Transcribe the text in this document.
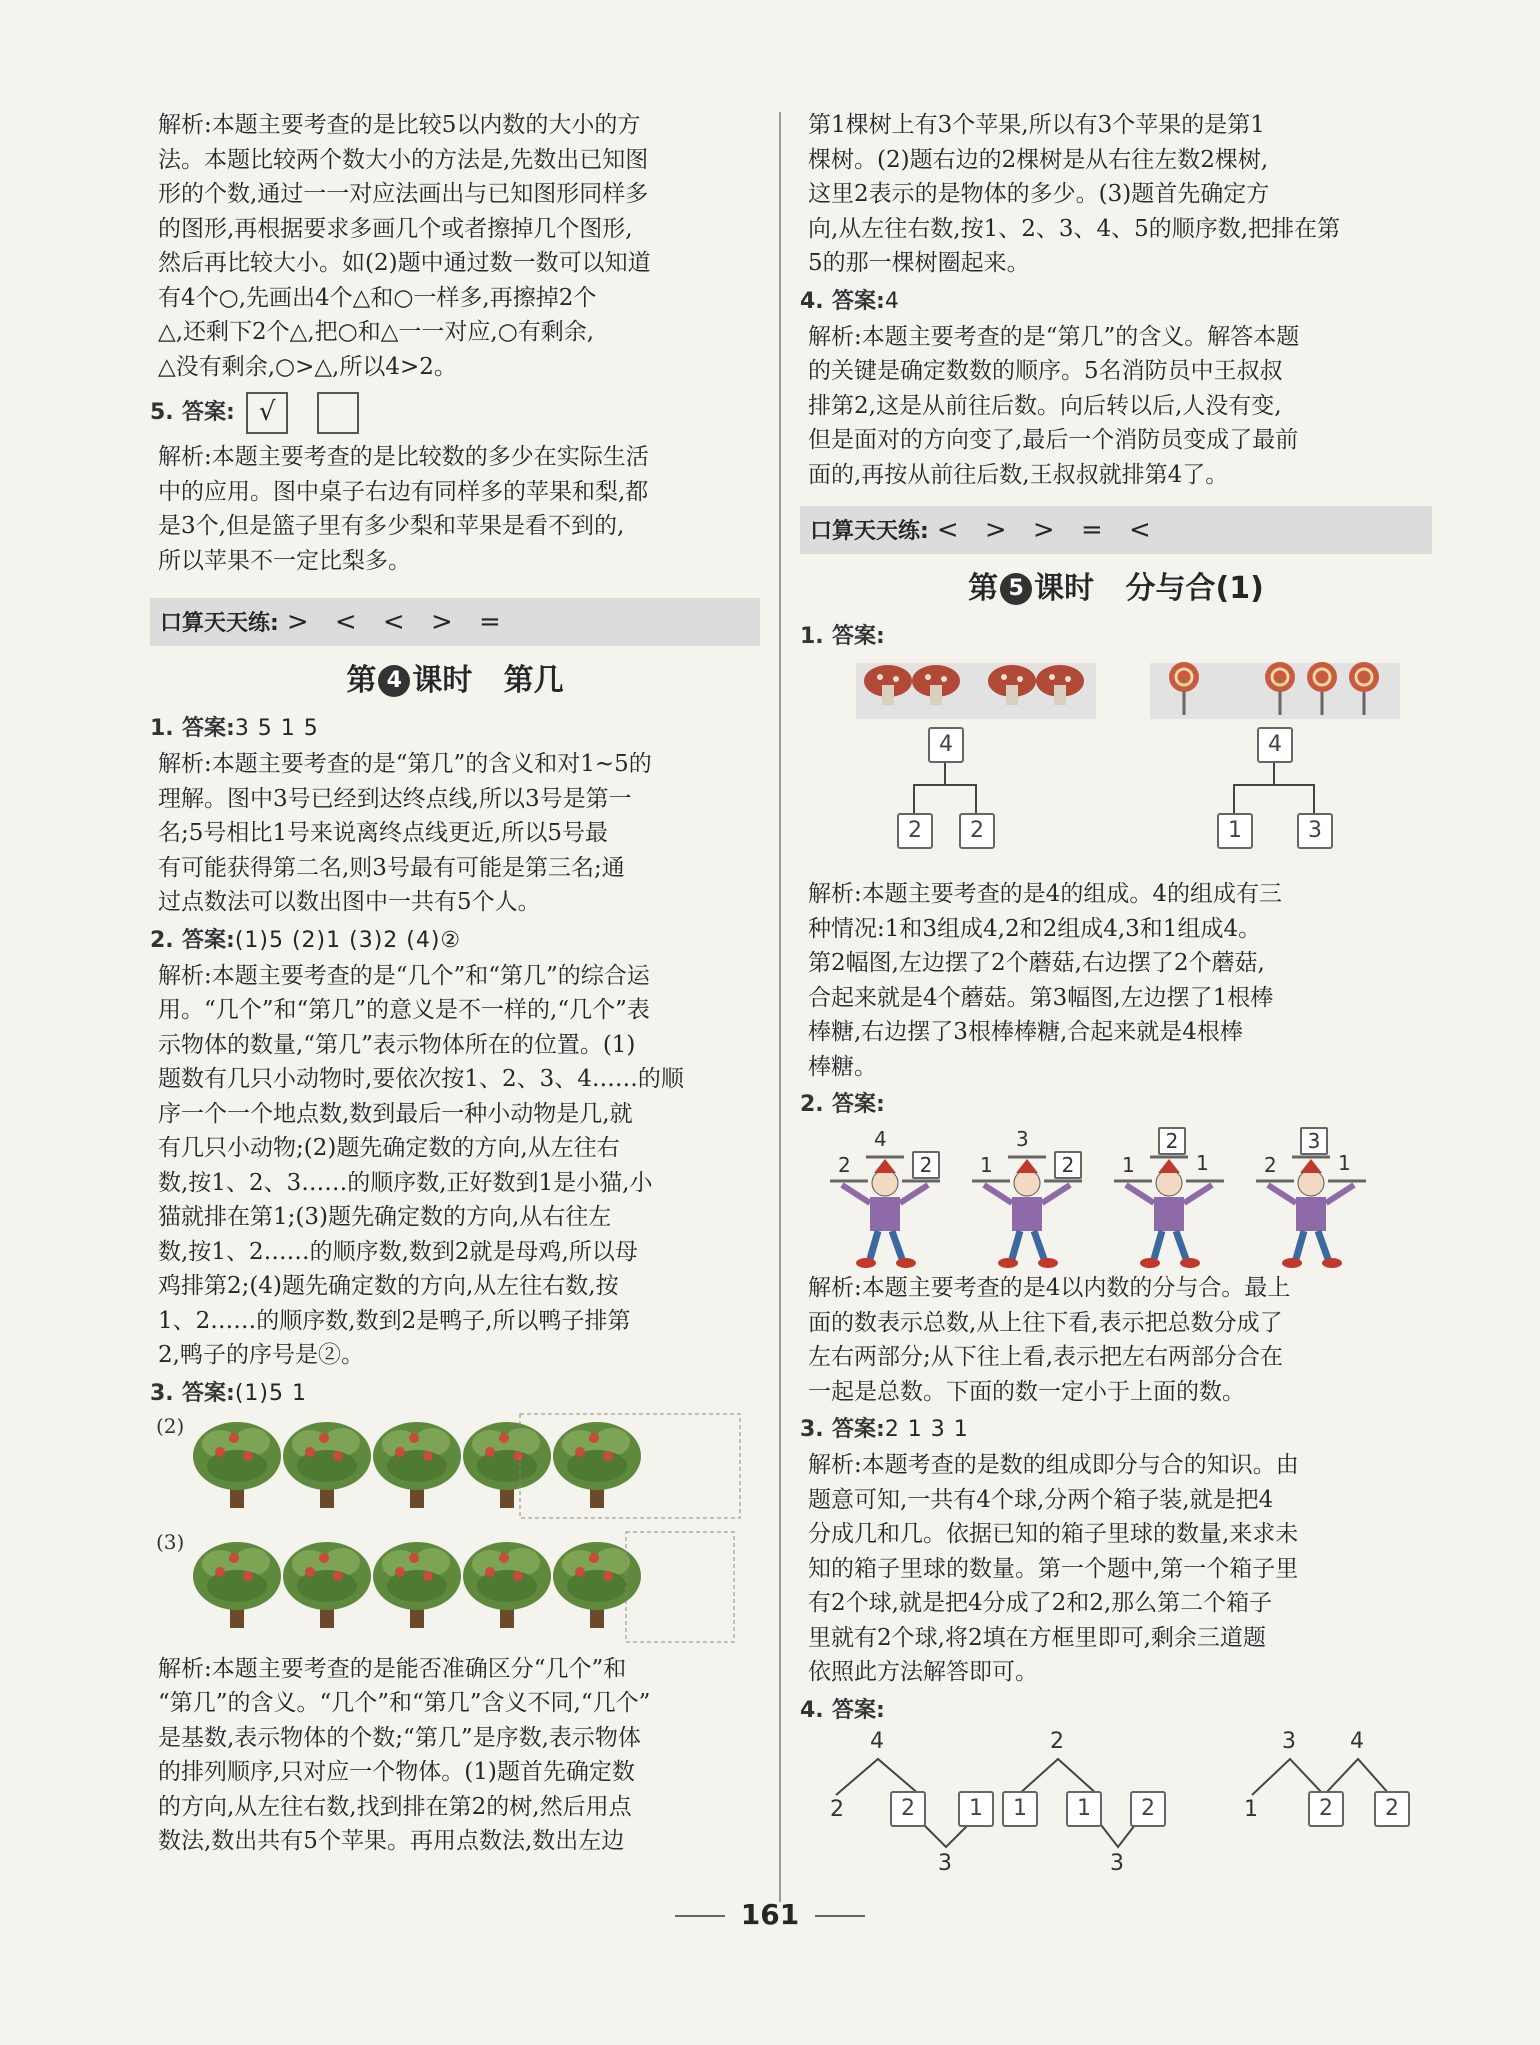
解析:本题主要考查的是比较5以内数的大小的方

法。本题比较两个数大小的方法是,先数出已知图

形的个数,通过一一对应法画出与已知图形同样多

的图形,再根据要求多画几个或者擦掉几个图形,

然后再比较大小。如(2)题中通过数一数可以知道

有4个○,先画出4个△和○一样多,再擦掉2个

△,还剩下2个△,把○和△一一对应,○有剩余,

△没有剩余,○>△,所以4>2。

5. 答案: √

解析:本题主要考查的是比较数的多少在实际生活

中的应用。图中桌子右边有同样多的苹果和梨,都

是3个,但是篮子里有多少梨和苹果是看不到的,

所以苹果不一定比梨多。

口算天天练: > < < > =
第 4 课时 第几
1. 答案:3 5 1 5

解析:本题主要考查的是“第几”的含义和对1~5的

理解。图中3号已经到达终点线,所以3号是第一

名;5号相比1号来说离终点线更近,所以5号最

有可能获得第二名,则3号最有可能是第三名;通

过点数法可以数出图中一共有5个人。

2. 答案:(1)5 (2)1 (3)2 (4)②

解析:本题主要考查的是“几个”和“第几”的综合运

用。“几个”和“第几”的意义是不一样的,“几个”表

示物体的数量,“第几”表示物体所在的位置。(1)

题数有几只小动物时,要依次按1、2、3、4……的顺

序一个一个地点数,数到最后一种小动物是几,就

有几只小动物;(2)题先确定数的方向,从左往右

数,按1、2、3……的顺序数,正好数到1是小猫,小

猫就排在第1;(3)题先确定数的方向,从右往左

数,按1、2……的顺序数,数到2就是母鸡,所以母

鸡排第2;(4)题先确定数的方向,从左往右数,按

1、2……的顺序数,数到2是鸭子,所以鸭子排第

2,鸭子的序号是②。

3. 答案:(1)5 1
(2)
(3)

解析:本题主要考查的是能否准确区分“几个”和

“第几”的含义。“几个”和“第几”含义不同,“几个”

是基数,表示物体的个数;“第几”是序数,表示物体

的排列顺序,只对应一个物体。(1)题首先确定数

的方向,从左往右数,找到排在第2的树,然后用点

数法,数出共有5个苹果。再用点数法,数出左边

第1棵树上有3个苹果,所以有3个苹果的是第1

棵树。(2)题右边的2棵树是从右往左数2棵树,

这里2表示的是物体的多少。(3)题首先确定方

向,从左往右数,按1、2、3、4、5的顺序数,把排在第

5的那一棵树圈起来。

4. 答案:4

解析:本题主要考查的是“第几”的含义。解答本题

的关键是确定数数的顺序。5名消防员中王叔叔

排第2,这是从前往后数。向后转以后,人没有变,

但是面对的方向变了,最后一个消防员变成了最前

面的,再按从前往后数,王叔叔就排第4了。

口算天天练: < > > = <
第 5 课时 分与合(1)
1. 答案:
4
2	2
4
1	3

解析:本题主要考查的是4的组成。4的组成有三

种情况:1和3组成4,2和2组成4,3和1组成4。

第2幅图,左边摆了2个蘑菇,右边摆了2个蘑菇,

合起来就是4个蘑菇。第3幅图,左边摆了1根棒

棒糖,右边摆了3根棒棒糖,合起来就是4根棒

棒糖。

2. 答案:
4
2	2
3
1	2
2
1	1
3
2	1

解析:本题主要考查的是4以内数的分与合。最上

面的数表示总数,从上往下看,表示把总数分成了

左右两部分;从下往上看,表示把左右两部分合在

一起是总数。下面的数一定小于上面的数。

3. 答案:2 1 3 1

解析:本题考查的是数的组成即分与合的知识。由

题意可知,一共有4个球,分两个箱子装,就是把4

分成几和几。依据已知的箱子里球的数量,来求未

知的箱子里球的数量。第一个题中,第一个箱子里

有2个球,就是把4分成了2和2,那么第二个箱子

里就有2个球,将2填在方框里即可,剩余三道题

依照此方法解答即可。

4. 答案:
4
2	2	1
3
2
1	1	2
3
3 4
1	2	2
161
